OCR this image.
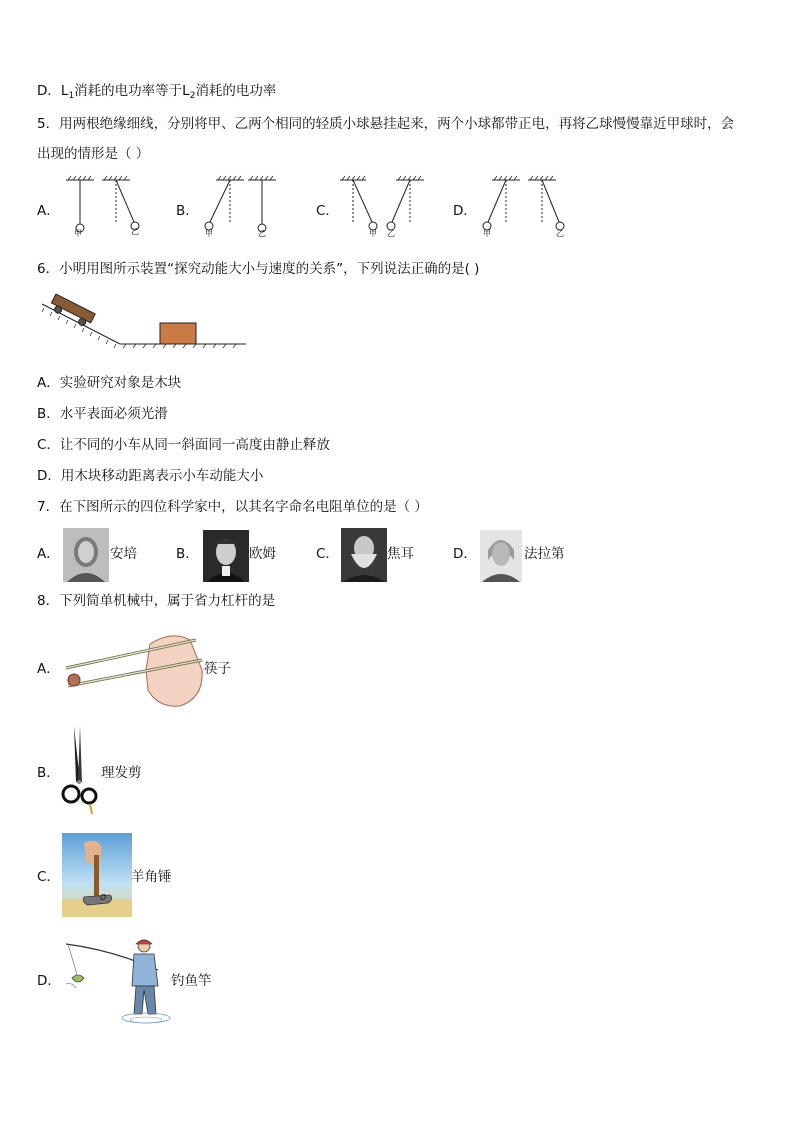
D．$L_1$消耗的电功率等于$L_2$消耗的电功率
5．用两根绝缘细线，分别将甲、乙两个相同的轻质小球悬挂起来，两个小球都带正电，再将乙球慢慢靠近甲球时，会
出现的情形是（ ）
A．	B．	C．	D．
甲	乙	甲	乙	甲 乙	甲	乙
6．小明用图所示装置“探究动能大小与速度的关系”，下列说法正确的是( )
A．实验研究对象是木块
B．水平表面必须光滑
C．让不同的小车从同一斜面同一高度由静止释放
D．用木块移动距离表示小车动能大小
7．在下图所示的四位科学家中，以其名字命名电阻单位的是（ ）
A．	安培	B．	欧姆	C．	焦耳	D．	法拉第
8．下列简单机械中，属于省力杠杆的是
A．	筷子
B．	理发剪
C．
O
羊角锤
D．	钓鱼竿
